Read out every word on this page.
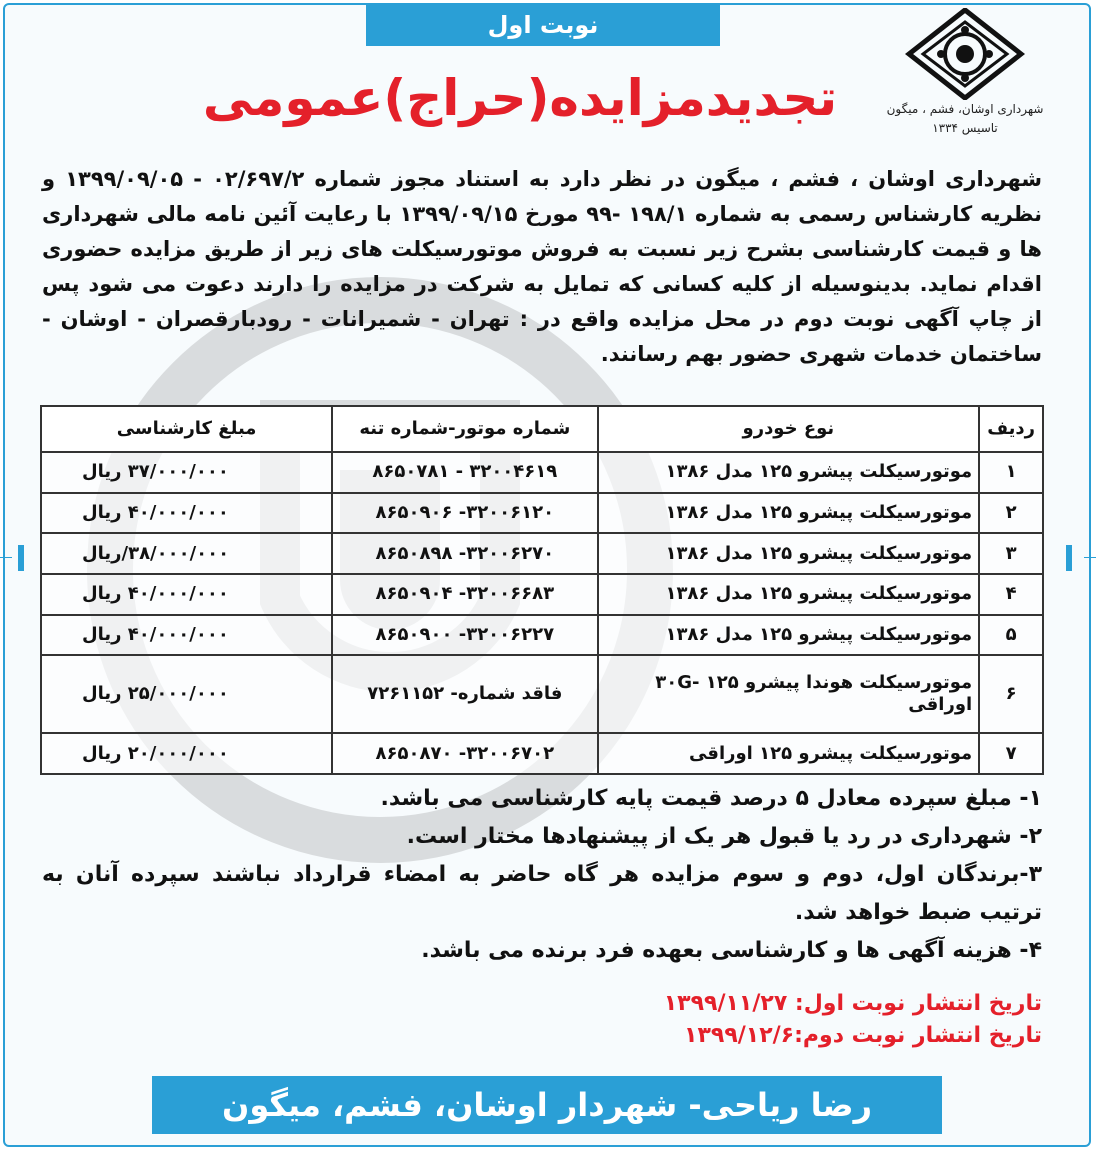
نوبت اول
شهرداری اوشان، فشم ، میگون
تاسیس ۱۳۳۴
تجدیدمزایده(حراج)عمومی
شهرداری اوشان ، فشم ، میگون در نظر دارد به استناد مجوز شماره ۰۲/۶۹۷/۲ - ۱۳۹۹/۰۹/۰۵ و نظریه کارشناس رسمی به شماره ۱۹۸/۱ -۹۹ مورخ ۱۳۹۹/۰۹/۱۵ با رعایت آئین نامه مالی شهرداری ها و قیمت کارشناسی بشرح زیر نسبت به فروش موتورسیکلت های زیر از طریق مزایده حضوری اقدام نماید. بدینوسیله از کلیه کسانی که تمایل به شرکت در مزایده را دارند دعوت می شود پس از چاپ آگهی نوبت دوم در محل مزایده واقع در : تهران - شمیرانات - رودبارقصران - اوشان - ساختمان خدمات شهری حضور بهم رسانند.
ردیف	نوع خودرو	شماره موتور-شماره تنه	مبلغ کارشناسی
۱	موتورسیکلت پیشرو ۱۲۵ مدل ۱۳۸۶	۳۲۰۰۴۶۱۹ - ۸۶۵۰۷۸۱	۳۷/۰۰۰/۰۰۰ ریال
۲	موتورسیکلت پیشرو ۱۲۵ مدل ۱۳۸۶	۳۲۰۰۶۱۲۰- ۸۶۵۰۹۰۶	۴۰/۰۰۰/۰۰۰ ریال
۳	موتورسیکلت پیشرو ۱۲۵ مدل ۱۳۸۶	۳۲۰۰۶۲۷۰- ۸۶۵۰۸۹۸	۳۸/۰۰۰/۰۰۰/ریال
۴	موتورسیکلت پیشرو ۱۲۵ مدل ۱۳۸۶	۳۲۰۰۶۶۸۳- ۸۶۵۰۹۰۴	۴۰/۰۰۰/۰۰۰ ریال
۵	موتورسیکلت پیشرو ۱۲۵ مدل ۱۳۸۶	۳۲۰۰۶۲۲۷- ۸۶۵۰۹۰۰	۴۰/۰۰۰/۰۰۰ ریال
۶	موتورسیکلت هوندا پیشرو ۱۲۵ -۳۰G اوراقی	فاقد شماره- ۷۲۶۱۱۵۲	۲۵/۰۰۰/۰۰۰ ریال
۷	موتورسیکلت پیشرو ۱۲۵ اوراقی	۳۲۰۰۶۷۰۲- ۸۶۵۰۸۷۰	۲۰/۰۰۰/۰۰۰ ریال

۱- مبلغ سپرده معادل ۵ درصد قیمت پایه کارشناسی می باشد.

۲- شهرداری در رد یا قبول هر یک از پیشنهادها مختار است.

۳-برندگان اول، دوم و سوم مزایده هر گاه حاضر به امضاء قرارداد نباشند سپرده آنان به ترتیب ضبط خواهد شد.

۴- هزینه آگهی ها و کارشناسی بعهده فرد برنده می باشد.

تاریخ انتشار نوبت اول: ۱۳۹۹/۱۱/۲۷
تاریخ انتشار نوبت دوم:۱۳۹۹/۱۲/۶
رضا ریاحی- شهردار اوشان، فشم، میگون
